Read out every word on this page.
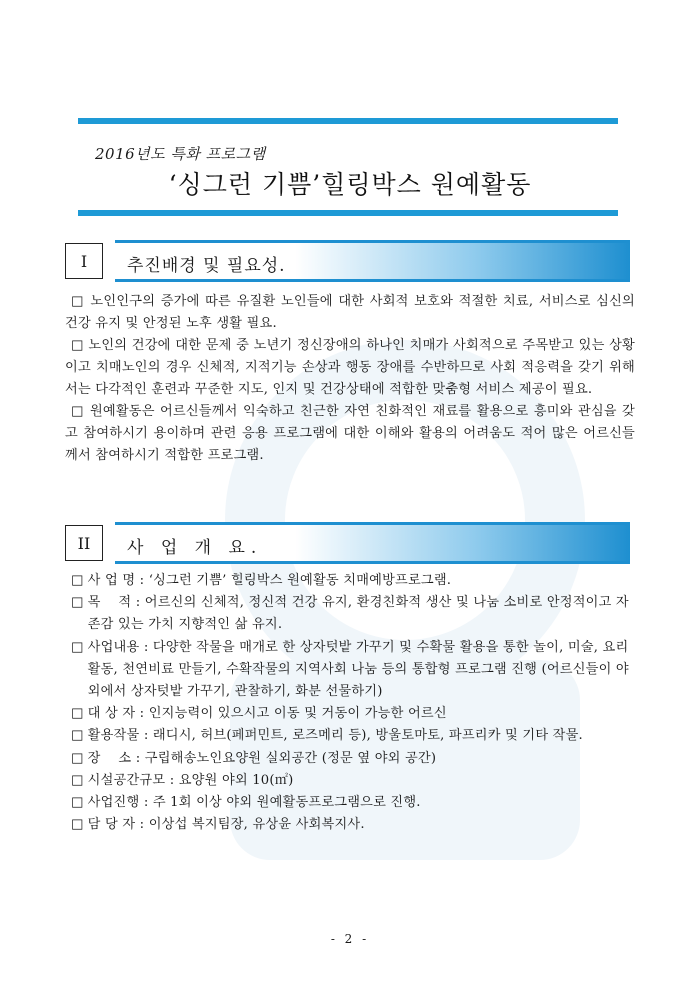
2016년도 특화 프로그램
‘싱그런 기쁨’힐링박스 원예활동
I	추진배경 및 필요성.

□ 노인인구의 증가에 따른 유질환 노인들에 대한 사회적 보호와 적절한 치료, 서비스로 심신의 건강 유지 및 안정된 노후 생활 필요.

□ 노인의 건강에 대한 문제 중 노년기 정신장애의 하나인 치매가 사회적으로 주목받고 있는 상황이고 치매노인의 경우 신체적, 지적기능 손상과 행동 장애를 수반하므로 사회 적응력을 갖기 위해서는 다각적인 훈련과 꾸준한 지도, 인지 및 건강상태에 적합한 맞춤형 서비스 제공이 필요.

□ 원예활동은 어르신들께서 익숙하고 친근한 자연 친화적인 재료를 활용으로 흥미와 관심을 갖고 참여하시기 용이하며 관련 응용 프로그램에 대한 이해와 활용의 어려움도 적어 많은 어르신들께서 참여하시기 적합한 프로그램.

II	사 업 개 요.
□ 사 업 명 : ‘싱그런 기쁨’ 힐링박스 원예활동 치매예방프로그램.
□ 목　 적 : 어르신의 신체적, 정신적 건강 유지, 환경친화적 생산 및 나눔 소비로 안정적이고 자존감 있는 가치 지향적인 삶 유지.
□ 사업내용 : 다양한 작물을 매개로 한 상자텃밭 가꾸기 및 수확물 활용을 통한 놀이, 미술, 요리활동, 천연비료 만들기, 수확작물의 지역사회 나눔 등의 통합형 프로그램 진행 (어르신들이 야외에서 상자텃밭 가꾸기, 관찰하기, 화분 선물하기)
□ 대 상 자 : 인지능력이 있으시고 이동 및 거동이 가능한 어르신
□ 활용작물 : 래디시, 허브(페퍼민트, 로즈메리 등), 방울토마토, 파프리카 및 기타 작물.
□ 장　 소 : 구립해송노인요양원 실외공간 (정문 옆 야외 공간)
□ 시설공간규모 : 요양원 야외 10(㎡)
□ 사업진행 : 주 1회 이상 야외 원예활동프로그램으로 진행.
□ 담 당 자 : 이상섭 복지팀장, 유상윤 사회복지사.
- 2 -
